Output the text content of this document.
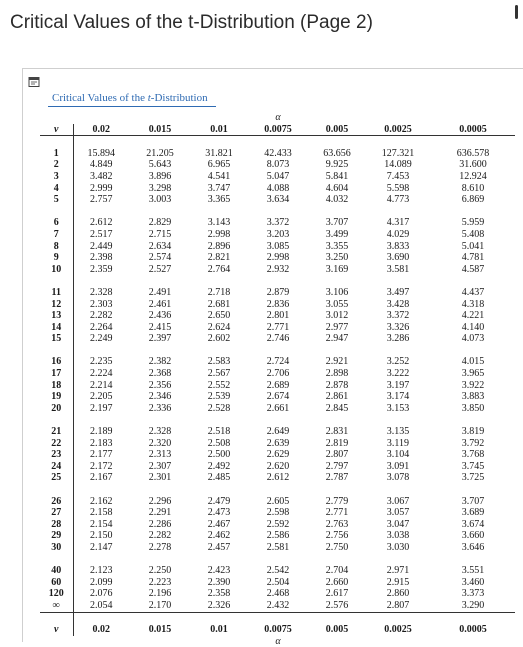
Critical Values of the t-Distribution (Page 2)
Critical Values of the t-Distribution
				α			
v	0.02	0.015	0.01	0.0075	0.005	0.0025	0.0005

1	15.894	21.205	31.821	42.433	63.656	127.321	636.578
2	4.849	5.643	6.965	8.073	9.925	14.089	31.600
3	3.482	3.896	4.541	5.047	5.841	7.453	12.924
4	2.999	3.298	3.747	4.088	4.604	5.598	8.610
5	2.757	3.003	3.365	3.634	4.032	4.773	6.869

6	2.612	2.829	3.143	3.372	3.707	4.317	5.959
7	2.517	2.715	2.998	3.203	3.499	4.029	5.408
8	2.449	2.634	2.896	3.085	3.355	3.833	5.041
9	2.398	2.574	2.821	2.998	3.250	3.690	4.781
10	2.359	2.527	2.764	2.932	3.169	3.581	4.587

11	2.328	2.491	2.718	2.879	3.106	3.497	4.437
12	2.303	2.461	2.681	2.836	3.055	3.428	4.318
13	2.282	2.436	2.650	2.801	3.012	3.372	4.221
14	2.264	2.415	2.624	2.771	2.977	3.326	4.140
15	2.249	2.397	2.602	2.746	2.947	3.286	4.073

16	2.235	2.382	2.583	2.724	2.921	3.252	4.015
17	2.224	2.368	2.567	2.706	2.898	3.222	3.965
18	2.214	2.356	2.552	2.689	2.878	3.197	3.922
19	2.205	2.346	2.539	2.674	2.861	3.174	3.883
20	2.197	2.336	2.528	2.661	2.845	3.153	3.850

21	2.189	2.328	2.518	2.649	2.831	3.135	3.819
22	2.183	2.320	2.508	2.639	2.819	3.119	3.792
23	2.177	2.313	2.500	2.629	2.807	3.104	3.768
24	2.172	2.307	2.492	2.620	2.797	3.091	3.745
25	2.167	2.301	2.485	2.612	2.787	3.078	3.725

26	2.162	2.296	2.479	2.605	2.779	3.067	3.707
27	2.158	2.291	2.473	2.598	2.771	3.057	3.689
28	2.154	2.286	2.467	2.592	2.763	3.047	3.674
29	2.150	2.282	2.462	2.586	2.756	3.038	3.660
30	2.147	2.278	2.457	2.581	2.750	3.030	3.646

40	2.123	2.250	2.423	2.542	2.704	2.971	3.551
60	2.099	2.223	2.390	2.504	2.660	2.915	3.460
120	2.076	2.196	2.358	2.468	2.617	2.860	3.373
∞	2.054	2.170	2.326	2.432	2.576	2.807	3.290

v	0.02	0.015	0.01	0.0075	0.005	0.0025	0.0005
				α			
